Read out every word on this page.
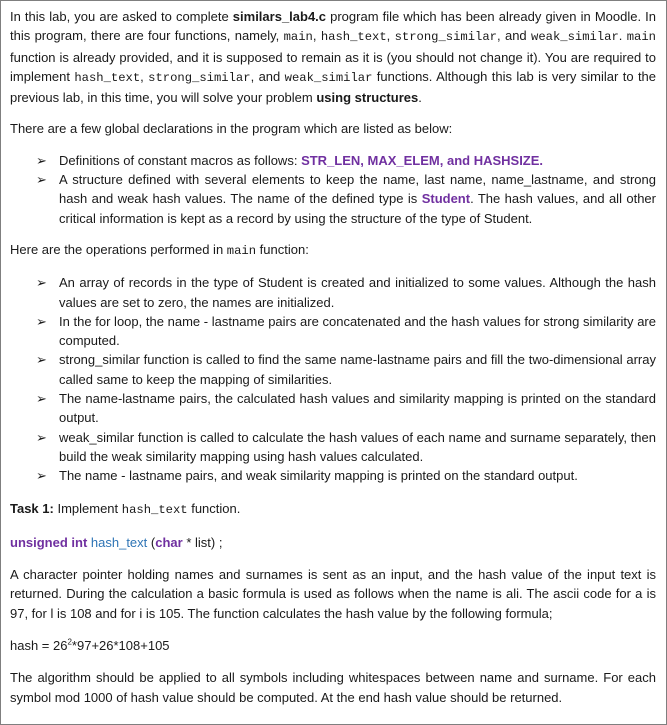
In this lab, you are asked to complete similars_lab4.c program file which has been already given in Moodle. In this program, there are four functions, namely, main, hash_text, strong_similar, and weak_similar. main function is already provided, and it is supposed to remain as it is (you should not change it). You are required to implement hash_text, strong_similar, and weak_similar functions. Although this lab is very similar to the previous lab, in this time, you will solve your problem using structures.

There are a few global declarations in the program which are listed as below:

➢ Definitions of constant macros as follows: STR_LEN, MAX_ELEM, and HASHSIZE.
➢ A structure defined with several elements to keep the name, last name, name_lastname, and strong hash and weak hash values. The name of the defined type is Student. The hash values, and all other critical information is kept as a record by using the structure of the type of Student.

Here are the operations performed in main function:

➢ An array of records in the type of Student is created and initialized to some values. Although the hash values are set to zero, the names are initialized.
➢ In the for loop, the name - lastname pairs are concatenated and the hash values for strong similarity are computed.
➢ strong_similar function is called to find the same name-lastname pairs and fill the two-dimensional array called same to keep the mapping of similarities.
➢ The name-lastname pairs, the calculated hash values and similarity mapping is printed on the standard output.
➢ weak_similar function is called to calculate the hash values of each name and surname separately, then build the weak similarity mapping using hash values calculated.
➢ The name - lastname pairs, and weak similarity mapping is printed on the standard output.

Task 1: Implement hash_text function.

unsigned int hash_text (char * list) ;

A character pointer holding names and surnames is sent as an input, and the hash value of the input text is returned. During the calculation a basic formula is used as follows when the name is ali. The ascii code for a is 97, for l is 108 and for i is 105. The function calculates the hash value by the following formula;

hash = $26^2*97+26*108+105$

The algorithm should be applied to all symbols including whitespaces between name and surname. For each symbol mod 1000 of hash value should be computed. At the end hash value should be returned.
